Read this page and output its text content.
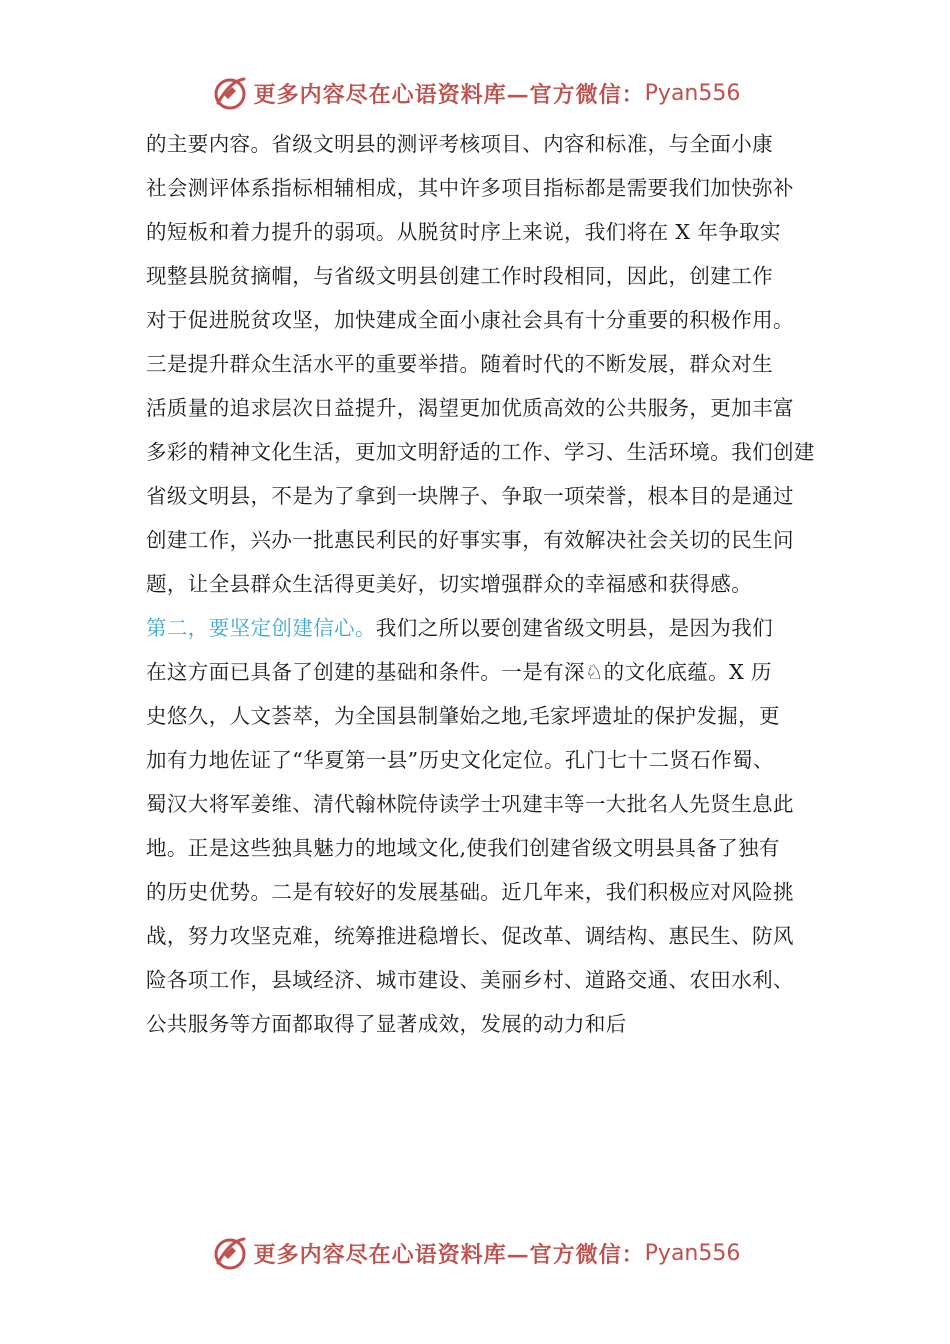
更多内容尽在心语资料库—官方微信： Pyan556
的主要内容。省级文明县的测评考核项目、内容和标准，与全面小康
社会测评体系指标相辅相成，其中许多项目指标都是需要我们加快弥补
的短板和着力提升的弱项。从脱贫时序上来说，我们将在 X 年争取实
现整县脱贫摘帽，与省级文明县创建工作时段相同，因此，创建工作
对于促进脱贫攻坚，加快建成全面小康社会具有十分重要的积极作用。
三是提升群众生活水平的重要举措。随着时代的不断发展，群众对生
活质量的追求层次日益提升，渴望更加优质高效的公共服务，更加丰富
多彩的精神文化生活，更加文明舒适的工作、学习、生活环境。我们创建
省级文明县，不是为了拿到一块牌子、争取一项荣誉，根本目的是通过
创建工作，兴办一批惠民利民的好事实事，有效解决社会关切的民生问
题，让全县群众生活得更美好，切实增强群众的幸福感和获得感。
第二，要坚定创建信心。我们之所以要创建省级文明县，是因为我们
在这方面已具备了创建的基础和条件。一是有深♘的文化底蕴。X 历
史悠久，人文荟萃，为全国县制肇始之地,毛家坪遗址的保护发掘，更
加有力地佐证了“华夏第一县”历史文化定位。孔门七十二贤石作蜀、
蜀汉大将军姜维、清代翰林院侍读学士巩建丰等一大批名人先贤生息此
地。正是这些独具魅力的地域文化,使我们创建省级文明县具备了独有
的历史优势。二是有较好的发展基础。近几年来，我们积极应对风险挑
战，努力攻坚克难，统筹推进稳增长、促改革、调结构、惠民生、防风
险各项工作，县域经济、城市建设、美丽乡村、道路交通、农田水利、
公共服务等方面都取得了显著成效，发展的动力和后
更多内容尽在心语资料库—官方微信： Pyan556
